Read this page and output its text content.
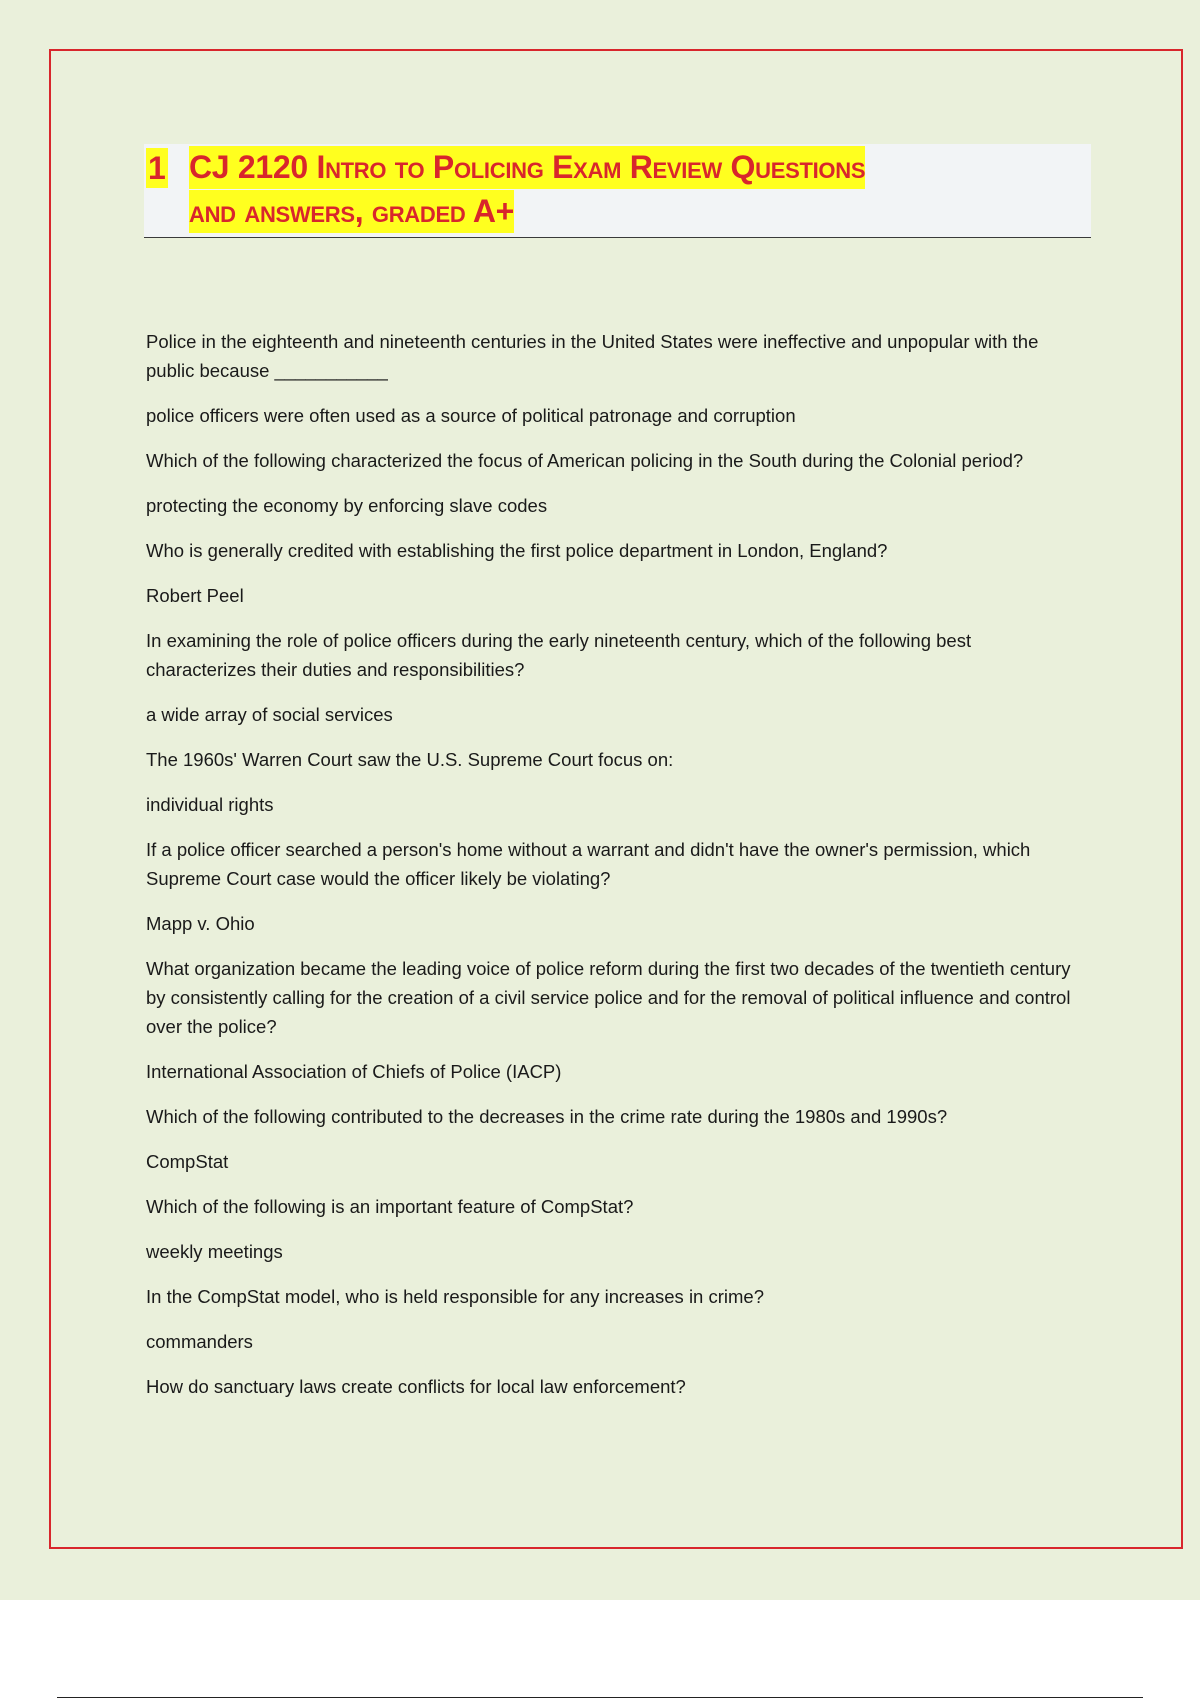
1 CJ 2120 Intro to Policing Exam Review Questions
and answers, graded A+
Police in the eighteenth and nineteenth centuries in the United States were ineffective and unpopular with the public because ___________
police officers were often used as a source of political patronage and corruption
Which of the following characterized the focus of American policing in the South during the Colonial period?
protecting the economy by enforcing slave codes
Who is generally credited with establishing the first police department in London, England?
Robert Peel
In examining the role of police officers during the early nineteenth century, which of the following best characterizes their duties and responsibilities?
a wide array of social services
The 1960s' Warren Court saw the U.S. Supreme Court focus on:
individual rights
If a police officer searched a person's home without a warrant and didn't have the owner's permission, which Supreme Court case would the officer likely be violating?
Mapp v. Ohio
What organization became the leading voice of police reform during the first two decades of the twentieth century by consistently calling for the creation of a civil service police and for the removal of political influence and control over the police?
International Association of Chiefs of Police (IACP)
Which of the following contributed to the decreases in the crime rate during the 1980s and 1990s?
CompStat
Which of the following is an important feature of CompStat?
weekly meetings
In the CompStat model, who is held responsible for any increases in crime?
commanders
How do sanctuary laws create conflicts for local law enforcement?
